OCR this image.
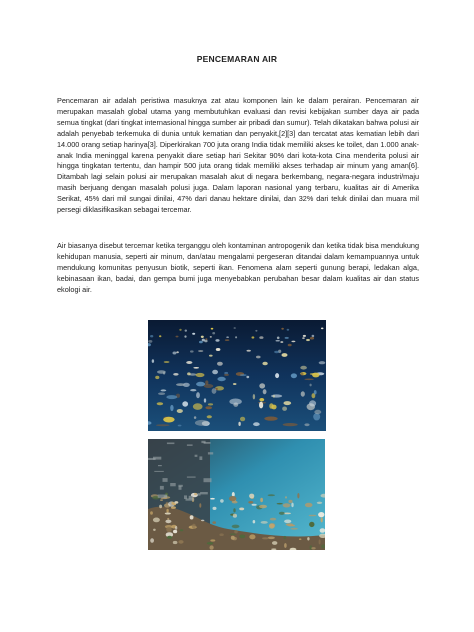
PENCEMARAN AIR

Pencemaran air adalah peristiwa masuknya zat atau komponen lain ke dalam perairan. Pencemaran air merupakan masalah global utama yang membutuhkan evaluasi dan revisi kebijakan sumber daya air pada semua tingkat (dari tingkat internasional hingga sumber air pribadi dan sumur). Telah dikatakan bahwa polusi air adalah penyebab terkemuka di dunia untuk kematian dan penyakit,[2][3] dan tercatat atas kematian lebih dari 14.000 orang setiap harinya[3]. Diperkirakan 700 juta orang India tidak memiliki akses ke toilet, dan 1.000 anak-anak India meninggal karena penyakit diare setiap hari Sekitar 90% dari kota-kota Cina menderita polusi air hingga tingkatan tertentu, dan hampir 500 juta orang tidak memiliki akses terhadap air minum yang aman[6]. Ditambah lagi selain polusi air merupakan masalah akut di negara berkembang, negara-negara industri/maju masih berjuang dengan masalah polusi juga. Dalam laporan nasional yang terbaru, kualitas air di Amerika Serikat, 45% dari mil sungai dinilai, 47% dari danau hektare dinilai, dan 32% dari teluk dinilai dan muara mil persegi diklasifikasikan sebagai tercemar.

Air biasanya disebut tercemar ketika terganggu oleh kontaminan antropogenik dan ketika tidak bisa mendukung kehidupan manusia, seperti air minum, dan/atau mengalami pergeseran ditandai dalam kemampuannya untuk mendukung komunitas penyusun biotik, seperti ikan. Fenomena alam seperti gunung berapi, ledakan alga, kebinasaan ikan, badai, dan gempa bumi juga menyebabkan perubahan besar dalam kualitas air dan status ekologi air.
